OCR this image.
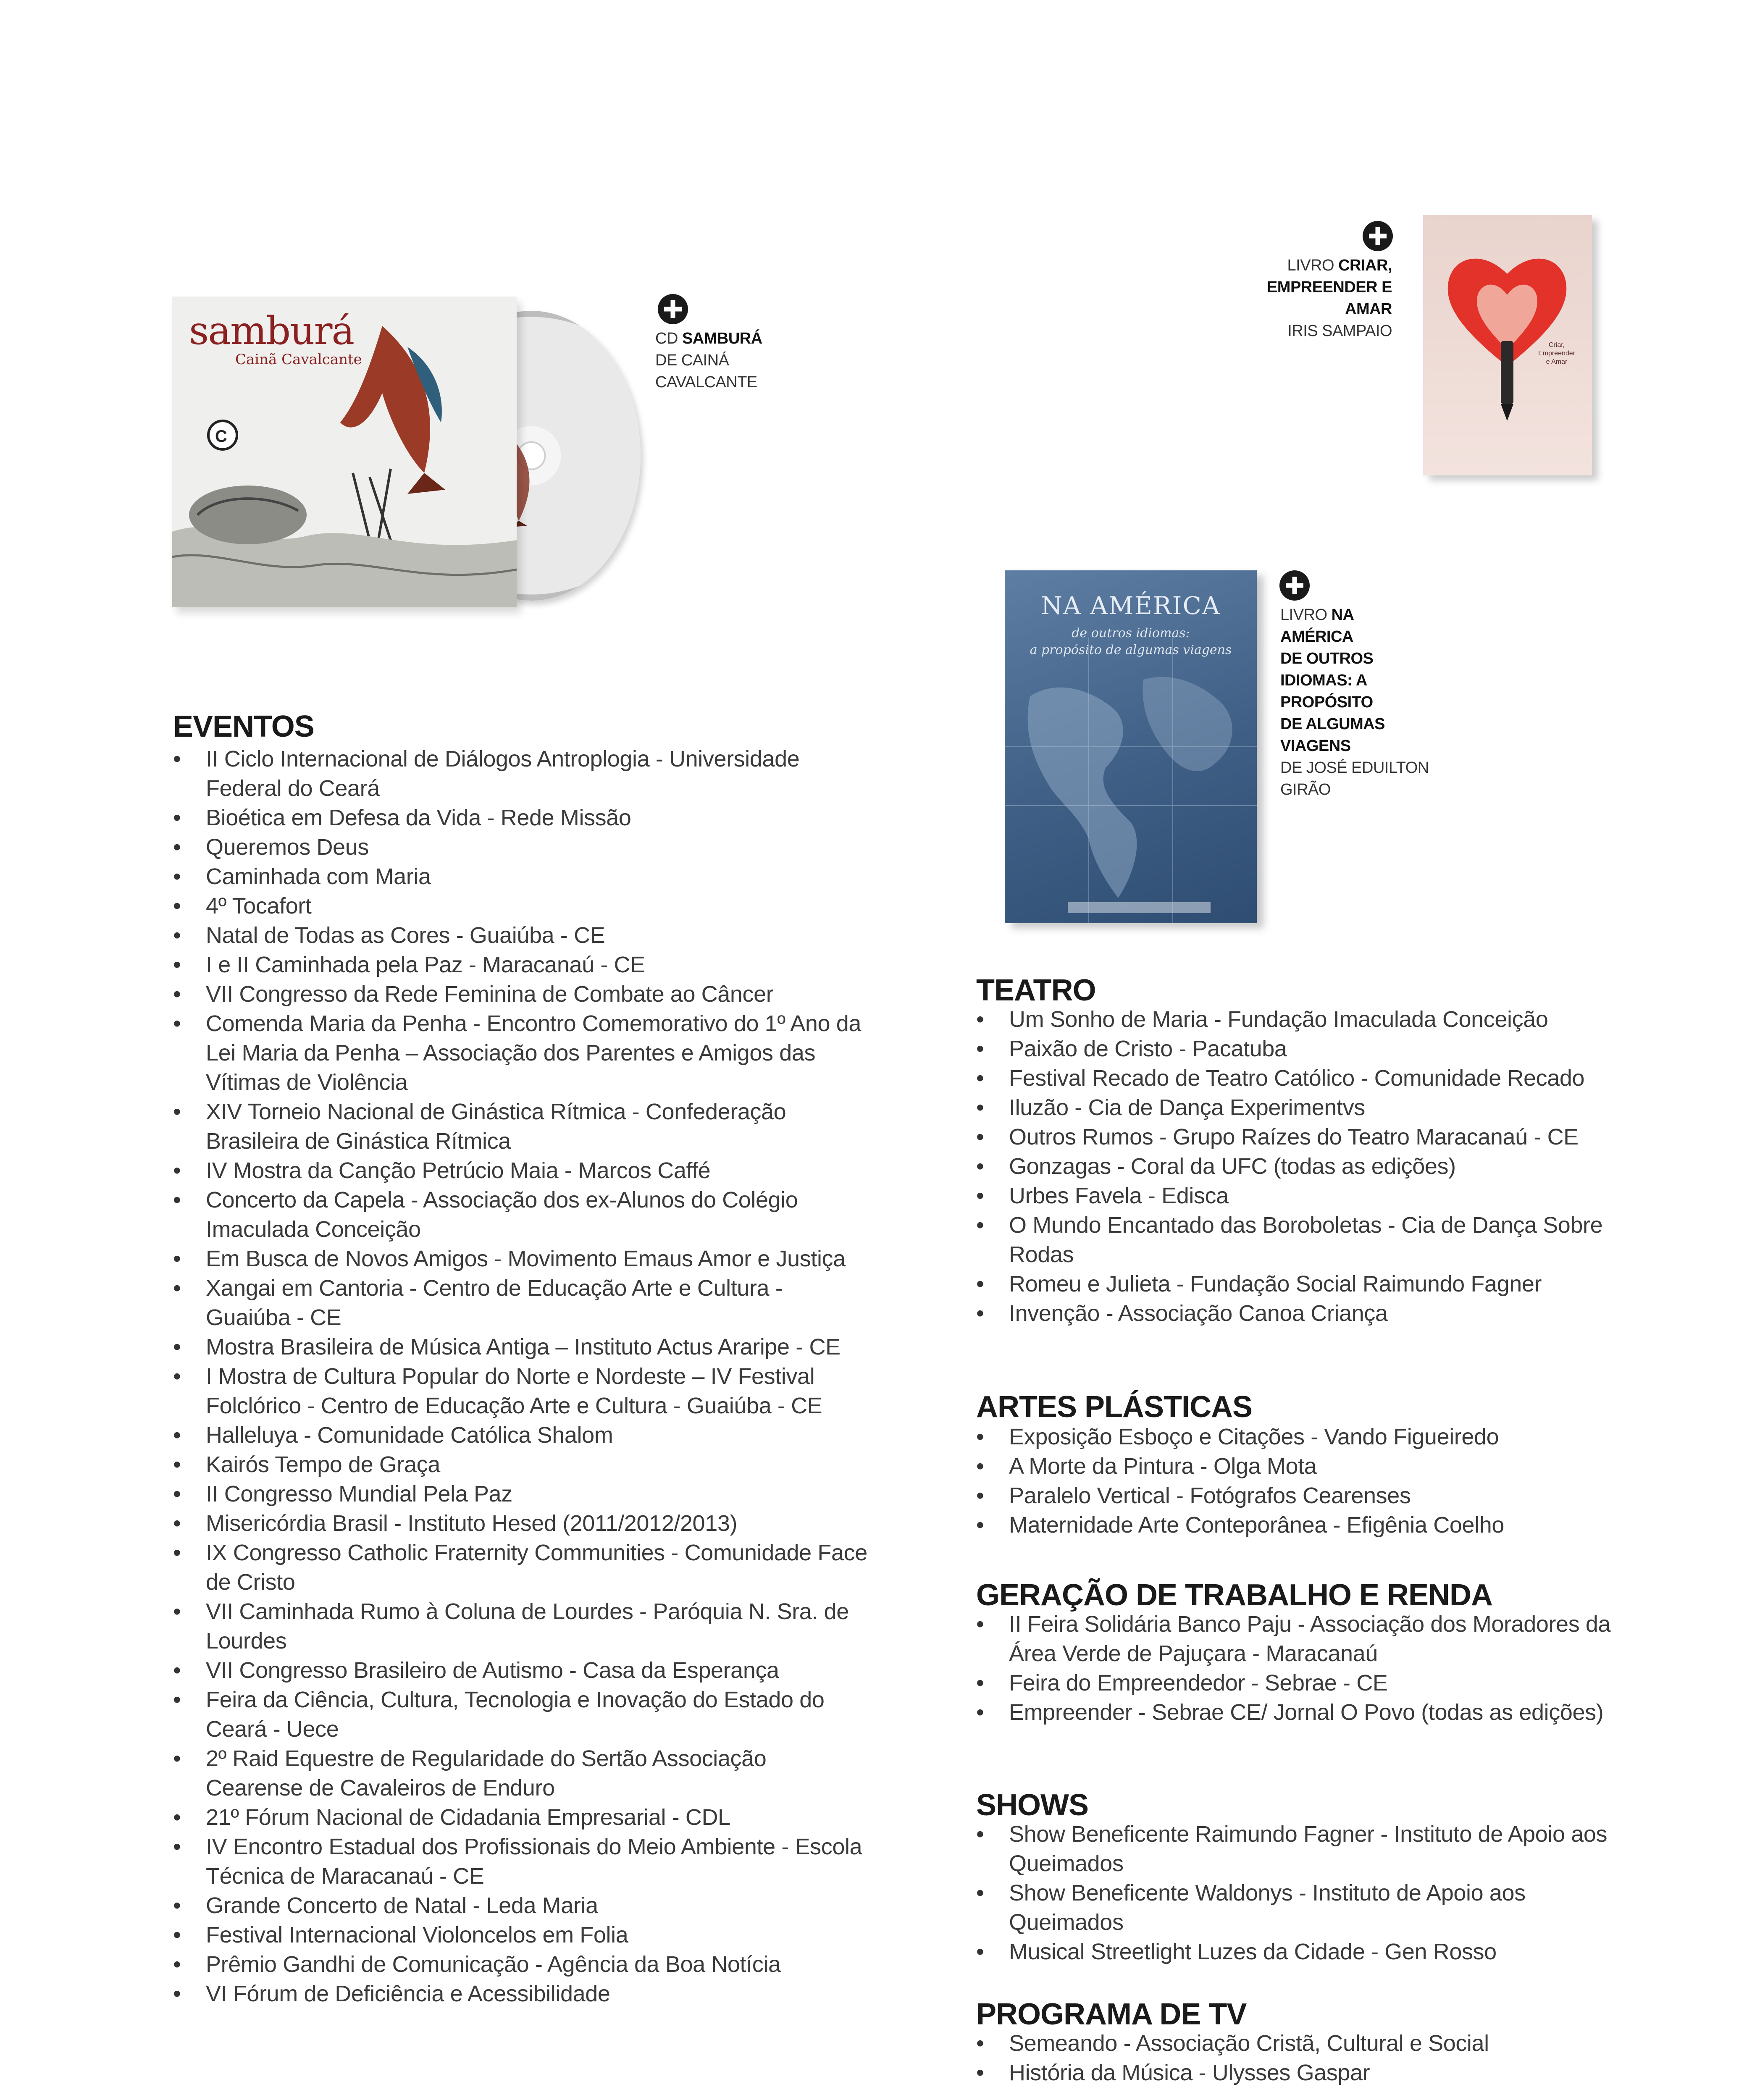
samburá
Cainã Cavalcante
C
CD SAMBURÁ
DE CAINÁ
CAVALCANTE
LIVRO CRIAR,
EMPREENDER E
AMAR
IRIS SAMPAIO
Criar,
Empreender
e Amar
NA AMÉRICA
de outros idiomas:
a propósito de algumas viagens
LIVRO NA
AMÉRICA
DE OUTROS
IDIOMAS: A
PROPÓSITO
DE ALGUMAS
VIAGENS
DE JOSÉ EDUILTON
GIRÃO
EVENTOS
• II Ciclo Internacional de Diálogos Antroplogia - Universidade Federal do Ceará
• Bioética em Defesa da Vida - Rede Missão
• Queremos Deus
• Caminhada com Maria
• 4º Tocafort
• Natal de Todas as Cores - Guaiúba - CE
• I e II Caminhada pela Paz - Maracanaú - CE
• VII Congresso da Rede Feminina de Combate ao Câncer
• Comenda Maria da Penha - Encontro Comemorativo do 1º Ano da Lei Maria da Penha – Associação dos Parentes e Amigos das Vítimas de Violência
• XIV Torneio Nacional de Ginástica Rítmica - Confederação Brasileira de Ginástica Rítmica
• IV Mostra da Canção Petrúcio Maia - Marcos Caffé
• Concerto da Capela - Associação dos ex-Alunos do Colégio Imaculada Conceição
• Em Busca de Novos Amigos - Movimento Emaus Amor e Justiça
• Xangai em Cantoria - Centro de Educação Arte e Cultura - Guaiúba - CE
• Mostra Brasileira de Música Antiga – Instituto Actus Araripe - CE
• I Mostra de Cultura Popular do Norte e Nordeste – IV Festival Folclórico - Centro de Educação Arte e Cultura - Guaiúba - CE
• Halleluya - Comunidade Católica Shalom
• Kairós Tempo de Graça
• II Congresso Mundial Pela Paz
• Misericórdia Brasil - Instituto Hesed (2011/2012/2013)
• IX Congresso Catholic Fraternity Communities - Comunidade Face de Cristo
• VII Caminhada Rumo à Coluna de Lourdes - Paróquia N. Sra. de Lourdes
• VII Congresso Brasileiro de Autismo - Casa da Esperança
• Feira da Ciência, Cultura, Tecnologia e Inovação do Estado do Ceará - Uece
• 2º Raid Equestre de Regularidade do Sertão Associação Cearense de Cavaleiros de Enduro
• 21º Fórum Nacional de Cidadania Empresarial - CDL
• IV Encontro Estadual dos Profissionais do Meio Ambiente - Escola Técnica de Maracanaú - CE
• Grande Concerto de Natal - Leda Maria
• Festival Internacional Violoncelos em Folia
• Prêmio Gandhi de Comunicação - Agência da Boa Notícia
• VI Fórum de Deficiência e Acessibilidade
TEATRO
• Um Sonho de Maria - Fundação Imaculada Conceição
• Paixão de Cristo - Pacatuba
• Festival Recado de Teatro Católico - Comunidade Recado
• Iluzão - Cia de Dança Experimentvs
• Outros Rumos - Grupo Raízes do Teatro Maracanaú - CE
• Gonzagas - Coral da UFC (todas as edições)
• Urbes Favela - Edisca
• O Mundo Encantado das Boroboletas - Cia de Dança Sobre Rodas
• Romeu e Julieta - Fundação Social Raimundo Fagner
• Invenção - Associação Canoa Criança
ARTES PLÁSTICAS
• Exposição Esboço e Citações - Vando Figueiredo
• A Morte da Pintura - Olga Mota
• Paralelo Vertical - Fotógrafos Cearenses
• Maternidade Arte Conteporânea - Efigênia Coelho
GERAÇÃO DE TRABALHO E RENDA
• II Feira Solidária Banco Paju - Associação dos Moradores da Área Verde de Pajuçara - Maracanaú
• Feira do Empreendedor - Sebrae - CE
• Empreender - Sebrae CE/ Jornal O Povo (todas as edições)
SHOWS
• Show Beneficente Raimundo Fagner - Instituto de Apoio aos Queimados
• Show Beneficente Waldonys - Instituto de Apoio aos Queimados
• Musical Streetlight Luzes da Cidade - Gen Rosso
PROGRAMA DE TV
• Semeando - Associação Cristã, Cultural e Social
• História da Música - Ulysses Gaspar
